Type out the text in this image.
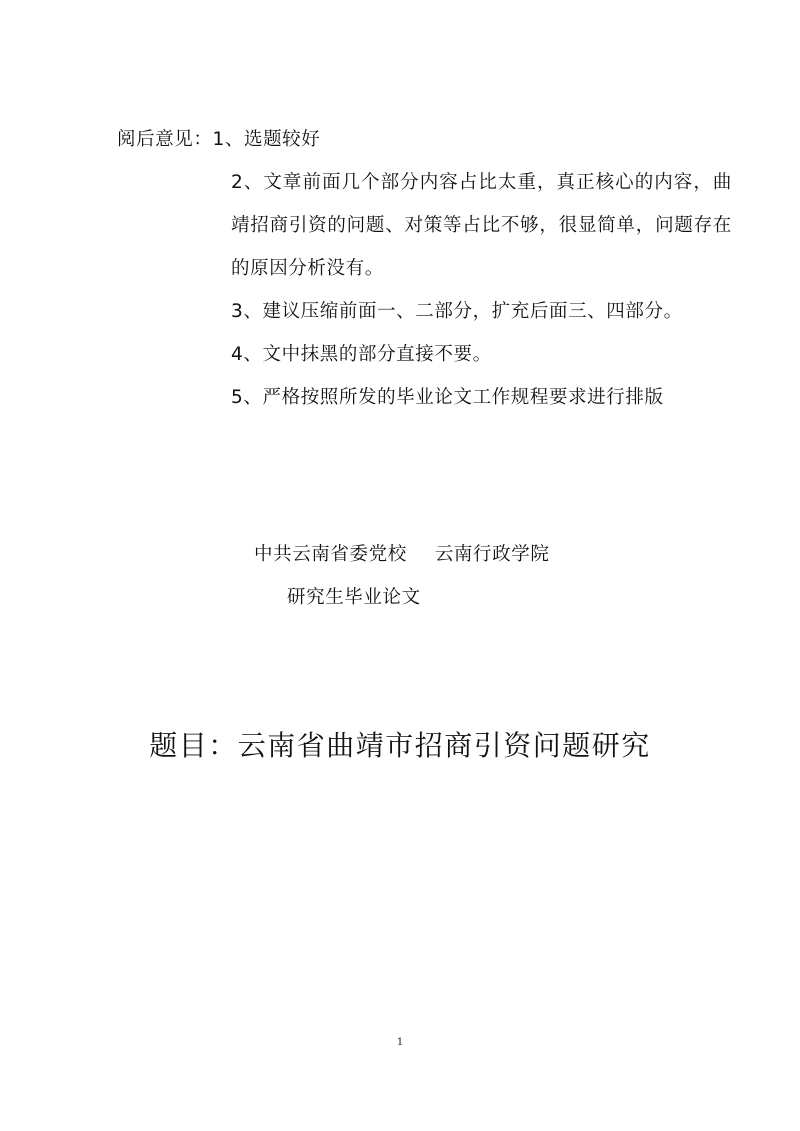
阅后意见：1、选题较好

2、文章前面几个部分内容占比太重，真正核心的内容，曲靖招商引资的问题、对策等占比不够，很显简单，问题存在的原因分析没有。

3、建议压缩前面一、二部分，扩充后面三、四部分。

4、文中抹黑的部分直接不要。

5、严格按照所发的毕业论文工作规程要求进行排版

中共云南省委党校 云南行政学院
研究生毕业论文
题目：云南省曲靖市招商引资问题研究
1
